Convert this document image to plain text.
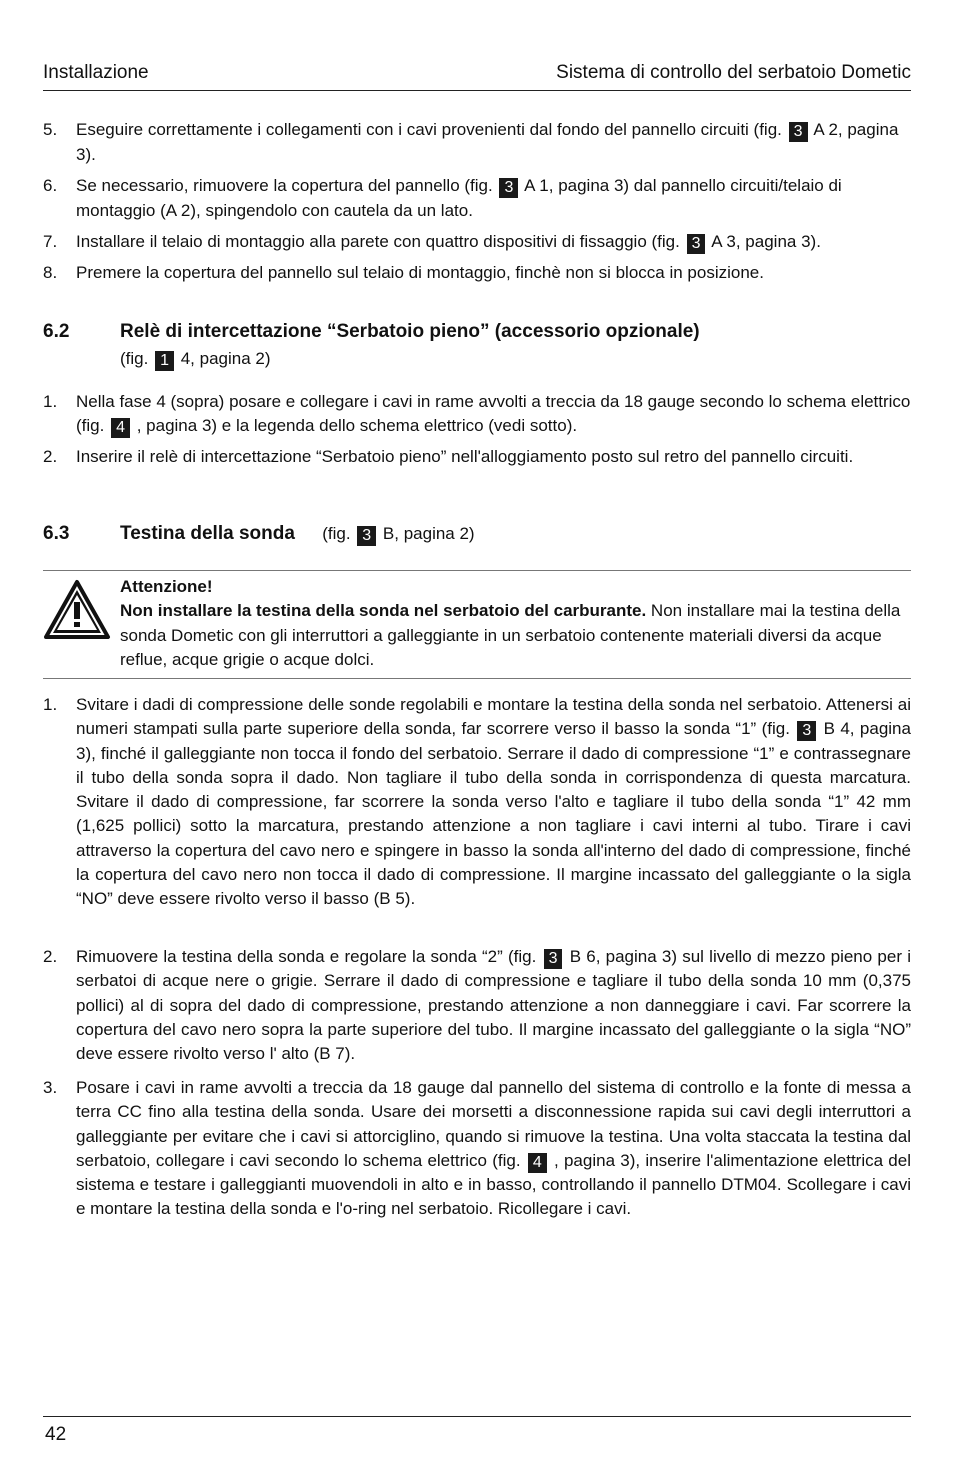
Installazione	Sistema di controllo del serbatoio Dometic
5. Eseguire correttamente i collegamenti con i cavi provenienti dal fondo del pannello circuiti (fig. 3 A 2, pagina 3).
6. Se necessario, rimuovere la copertura del pannello (fig. 3 A 1, pagina 3) dal pannello circuiti/telaio di montaggio (A 2), spingendolo con cautela da un lato.
7. Installare il telaio di montaggio alla parete con quattro dispositivi di fissaggio (fig. 3 A 3, pagina 3).
8. Premere la copertura del pannello sul telaio di montaggio, finchè non si blocca in posizione.
6.2	Relè di intercettazione “Serbatoio pieno” (accessorio opzionale)
(fig. 1 4, pagina 2)
1. Nella fase 4 (sopra) posare e collegare i cavi in rame avvolti a treccia da 18 gauge secondo lo schema elettrico (fig. 4 , pagina 3) e la legenda dello schema elettrico (vedi sotto).
2. Inserire il relè di intercettazione “Serbatoio pieno” nell'alloggiamento posto sul retro del pannello circuiti.
6.3	Testina della sonda (fig. 3 B, pagina 2)
Attenzione!
Non installare la testina della sonda nel serbatoio del carburante. Non installare mai la testina della sonda Dometic con gli interruttori a galleggiante in un serbatoio contenente materiali diversi da acque reflue, acque grigie o acque dolci.
1. Svitare i dadi di compressione delle sonde regolabili e montare la testina della sonda nel serbatoio. Attenersi ai numeri stampati sulla parte superiore della sonda, far scorrere verso il basso la sonda “1” (fig. 3 B 4, pagina 3), finché il galleggiante non tocca il fondo del serbatoio. Serrare il dado di compressione “1” e contrassegnare il tubo della sonda sopra il dado. Non tagliare il tubo della sonda in corrispondenza di questa marcatura. Svitare il dado di compressione, far scorrere la sonda verso l'alto e tagliare il tubo della sonda “1” 42 mm (1,625 pollici) sotto la marcatura, prestando attenzione a non tagliare i cavi interni al tubo. Tirare i cavi attraverso la copertura del cavo nero e spingere in basso la sonda all'interno del dado di compressione, finché la copertura del cavo nero non tocca il dado di compressione. Il margine incassato del galleggiante o la sigla “NO” deve essere rivolto verso il basso (B 5).
2. Rimuovere la testina della sonda e regolare la sonda “2” (fig. 3 B 6, pagina 3) sul livello di mezzo pieno per i serbatoi di acque nere o grigie. Serrare il dado di compressione e tagliare il tubo della sonda 10 mm (0,375 pollici) al di sopra del dado di compressione, prestando attenzione a non danneggiare i cavi. Far scorrere la copertura del cavo nero sopra la parte superiore del tubo. Il margine incassato del galleggiante o la sigla “NO” deve essere rivolto verso l' alto (B 7).
3. Posare i cavi in rame avvolti a treccia da 18 gauge dal pannello del sistema di controllo e la fonte di messa a terra CC fino alla testina della sonda. Usare dei morsetti a disconnessione rapida sui cavi degli interruttori a galleggiante per evitare che i cavi si attorciglino, quando si rimuove la testina. Una volta staccata la testina dal serbatoio, collegare i cavi secondo lo schema elettrico (fig. 4 , pagina 3), inserire l'alimentazione elettrica del sistema e testare i galleggianti muovendoli in alto e in basso, controllando il pannello DTM04. Scollegare i cavi e montare la testina della sonda e l'o-ring nel serbatoio. Ricollegare i cavi.
42
